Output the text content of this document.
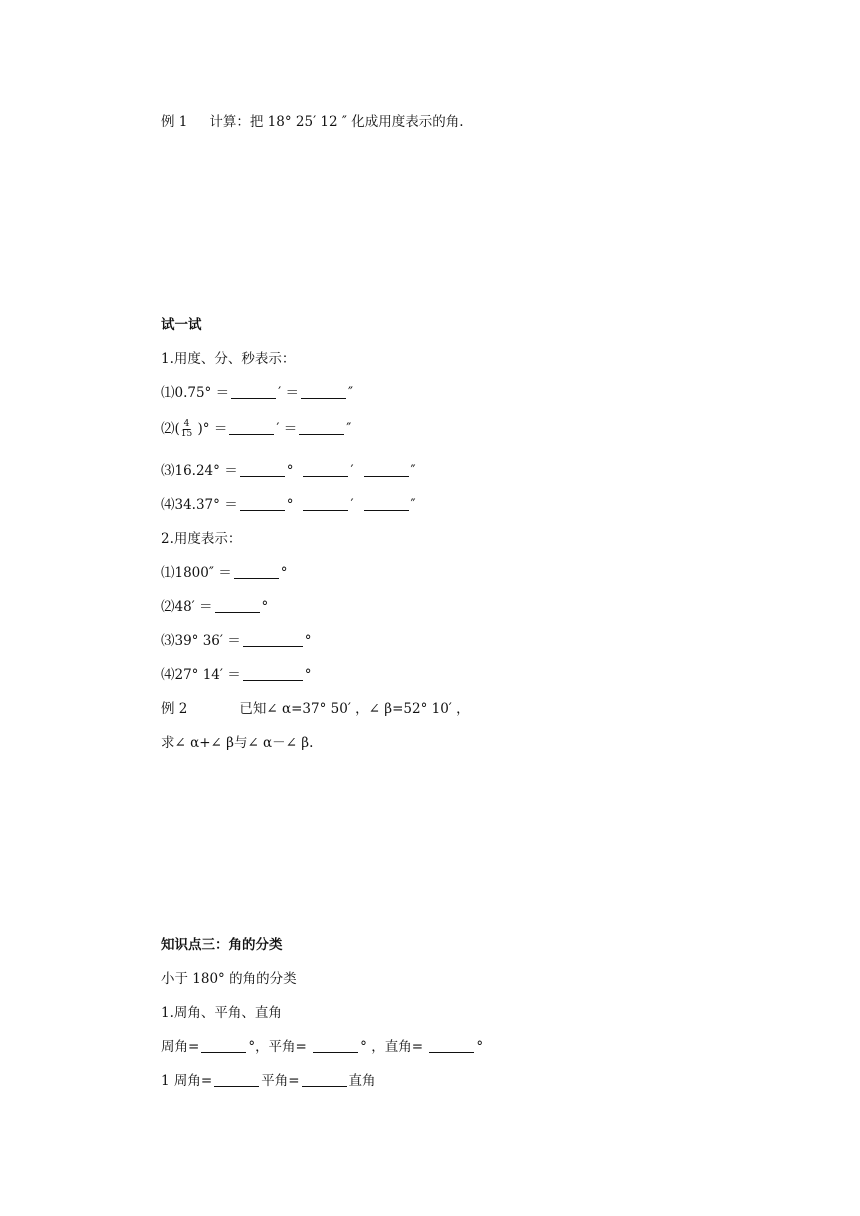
例 1 计算：把 18° 25′ 12 ″ 化成用度表示的角.
试一试
1.用度、分、秒表示：
⑴0.75° ＝	′ ＝	″
⑵( $\frac{4}{15}$ )° ＝	′ ＝	″
⑶16.24° ＝	°	′	″
⑷34.37° ＝	°	′	″
2.用度表示：
⑴1800″ ＝	°
⑵48′ ＝	°
⑶39° 36′ ＝	°
⑷27° 14′ ＝	°
例 2	已知∠ α=37° 50′ ，∠ β=52° 10′ ，
求∠ α+∠ β与∠ α－∠ β.
知识点三：角的分类
小于 180° 的角的分类
1.周角、平角、直角
周角=	°，平角=	° ，直角=	°
1 周角=	平角=	直角
